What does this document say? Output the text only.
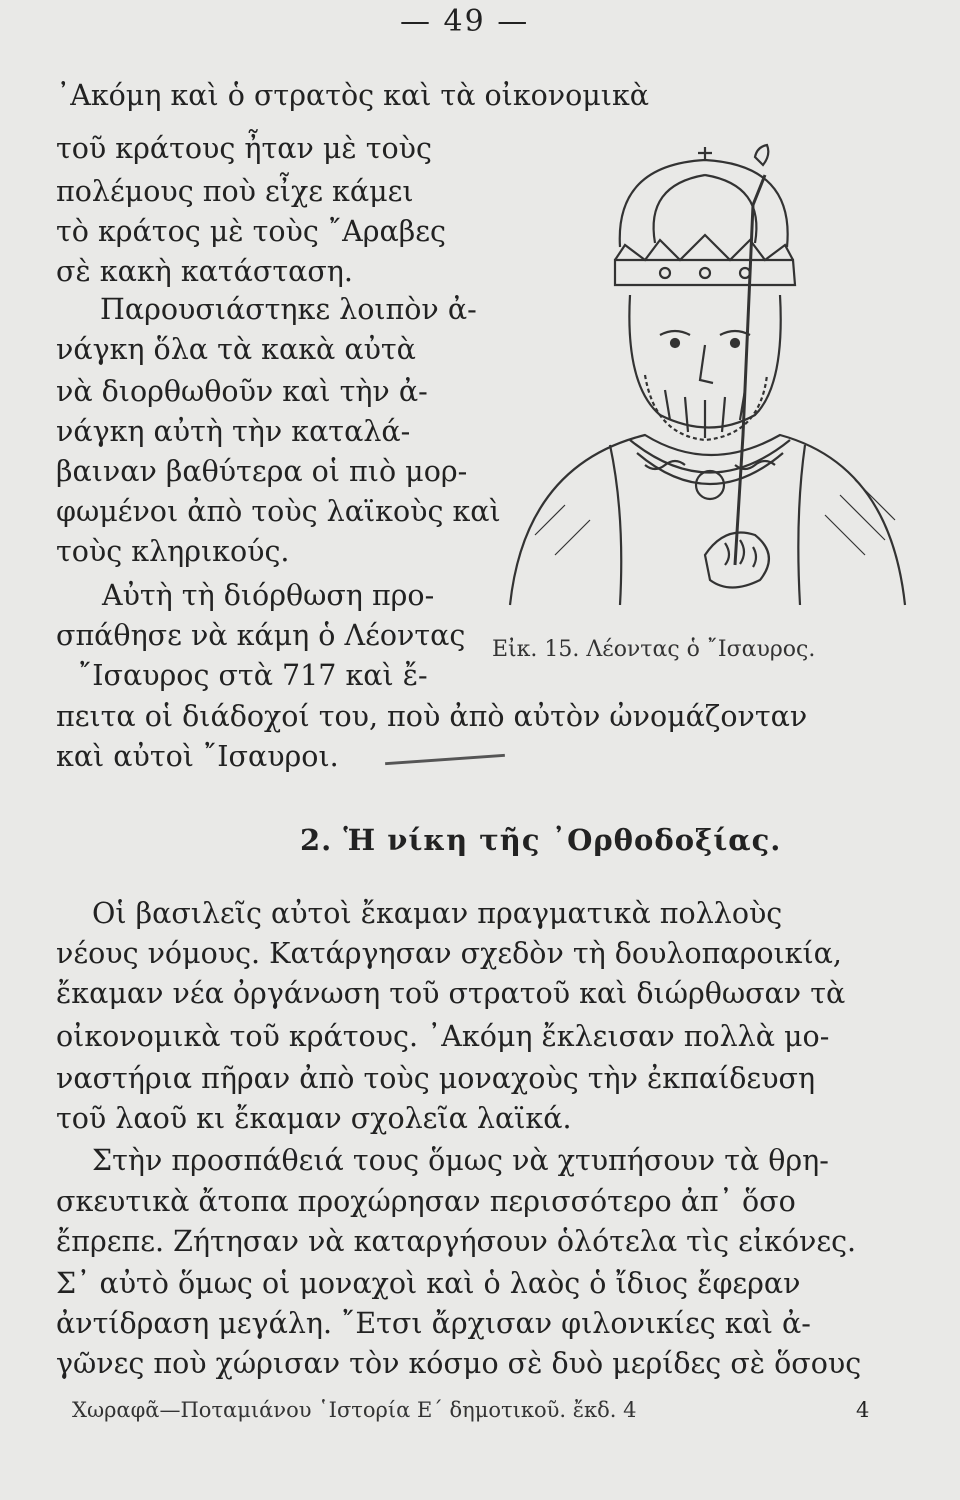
— 49 —
᾿Ακόμη καὶ ὁ στρατὸς καὶ τὰ οἰκονομικὰ
τοῦ κράτους ἦταν μὲ τοὺς
πολέμους ποὺ εἶχε κάμει
τὸ κράτος μὲ τοὺς ῎Αραβες
σὲ κακὴ κατάσταση.
Παρουσιάστηκε λοιπὸν ἀ-
νάγκη ὅλα τὰ κακὰ αὐτὰ
νὰ διορθωθοῦν καὶ τὴν ἀ-
νάγκη αὐτὴ τὴν καταλά-
βαιναν βαθύτερα οἱ πιὸ μορ-
φωμένοι ἀπὸ τοὺς λαϊκοὺς καὶ
τοὺς κληρικούς.
Αὐτὴ τὴ διόρθωση προ-
σπάθησε νὰ κάμη ὁ Λέοντας
῎Ισαυρος στὰ 717 καὶ ἔ-
πειτα οἱ διάδοχοί του, ποὺ ἀπὸ αὐτὸν ὠνομάζονταν
καὶ αὐτοὶ ῎Ισαυροι.
Εἰκ. 15. Λέοντας ὁ ῎Ισαυρος.
2. Ἡ νίκη τῆς ᾿Ορθοδοξίας.
Οἱ βασιλεῖς αὐτοὶ ἔκαμαν πραγματικὰ πολλοὺς
νέους νόμους. Κατάργησαν σχεδὸν τὴ δουλοπαροικία,
ἔκαμαν νέα ὀργάνωση τοῦ στρατοῦ καὶ διώρθωσαν τὰ
οἰκονομικὰ τοῦ κράτους. ᾿Ακόμη ἔκλεισαν πολλὰ μο-
ναστήρια πῆραν ἀπὸ τοὺς μοναχοὺς τὴν ἐκπαίδευση
τοῦ λαοῦ κι ἔκαμαν σχολεῖα λαϊκά.
Στὴν προσπάθειά τους ὅμως νὰ χτυπήσουν τὰ θρη-
σκευτικὰ ἄτοπα προχώρησαν περισσότερο ἀπ᾿ ὅσο
ἔπρεπε. Ζήτησαν νὰ καταργήσουν ὁλότελα τὶς εἰκόνες.
Σ᾿ αὐτὸ ὅμως οἱ μοναχοὶ καὶ ὁ λαὸς ὁ ἴδιος ἔφεραν
ἀντίδραση μεγάλη. ῎Ετσι ἄρχισαν φιλονικίες καὶ ἀ-
γῶνες ποὺ χώρισαν τὸν κόσμο σὲ δυὸ μερίδες σὲ ὅσους
Χωραφᾶ—Ποταμιάνου ῾Ιστορία Ε΄ δημοτικοῦ. ἔκδ. 4	4
